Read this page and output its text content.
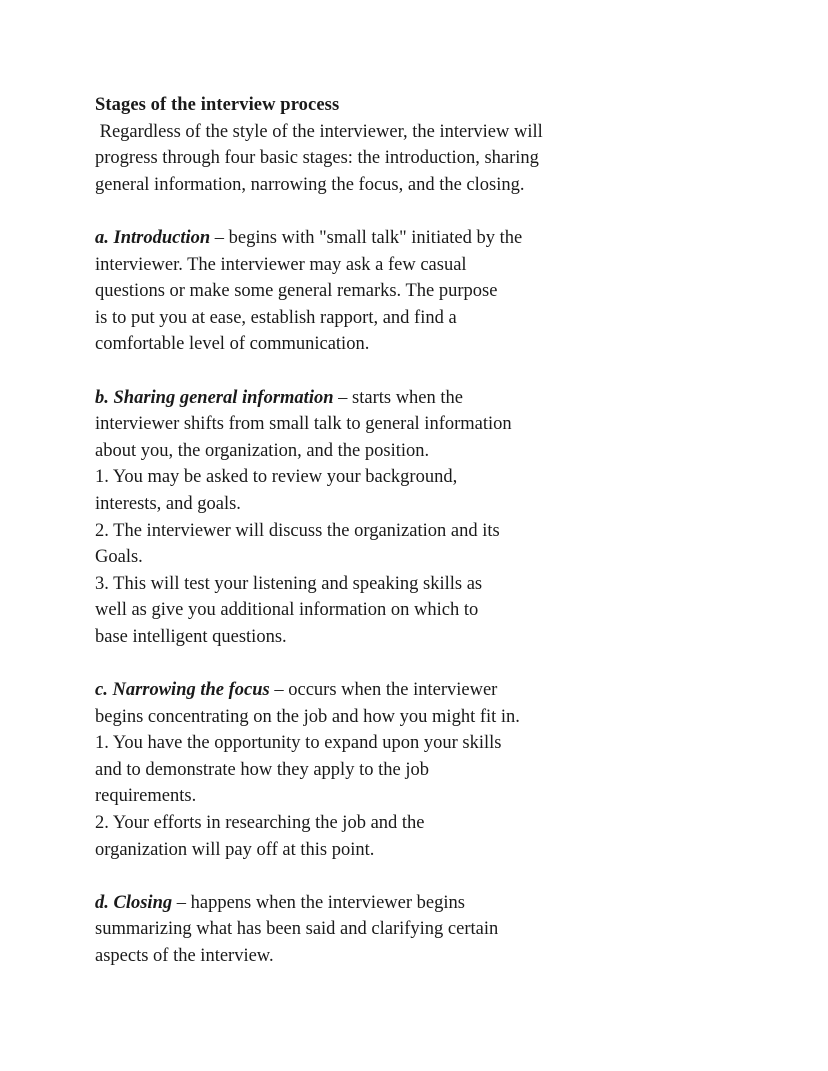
Stages of the interview process

Regardless of the style of the interviewer, the interview will
progress through four basic stages: the introduction, sharing
general information, narrowing the focus, and the closing.

a. Introduction – begins with "small talk" initiated by the
interviewer. The interviewer may ask a few casual
questions or make some general remarks. The purpose
is to put you at ease, establish rapport, and find a
comfortable level of communication.

b. Sharing general information – starts when the
interviewer shifts from small talk to general information
about you, the organization, and the position.
1. You may be asked to review your background,
interests, and goals.
2. The interviewer will discuss the organization and its
Goals.
3. This will test your listening and speaking skills as
well as give you additional information on which to
base intelligent questions.

c. Narrowing the focus – occurs when the interviewer
begins concentrating on the job and how you might fit in.
1. You have the opportunity to expand upon your skills
and to demonstrate how they apply to the job
requirements.
2. Your efforts in researching the job and the
organization will pay off at this point.

d. Closing – happens when the interviewer begins
summarizing what has been said and clarifying certain
aspects of the interview.
